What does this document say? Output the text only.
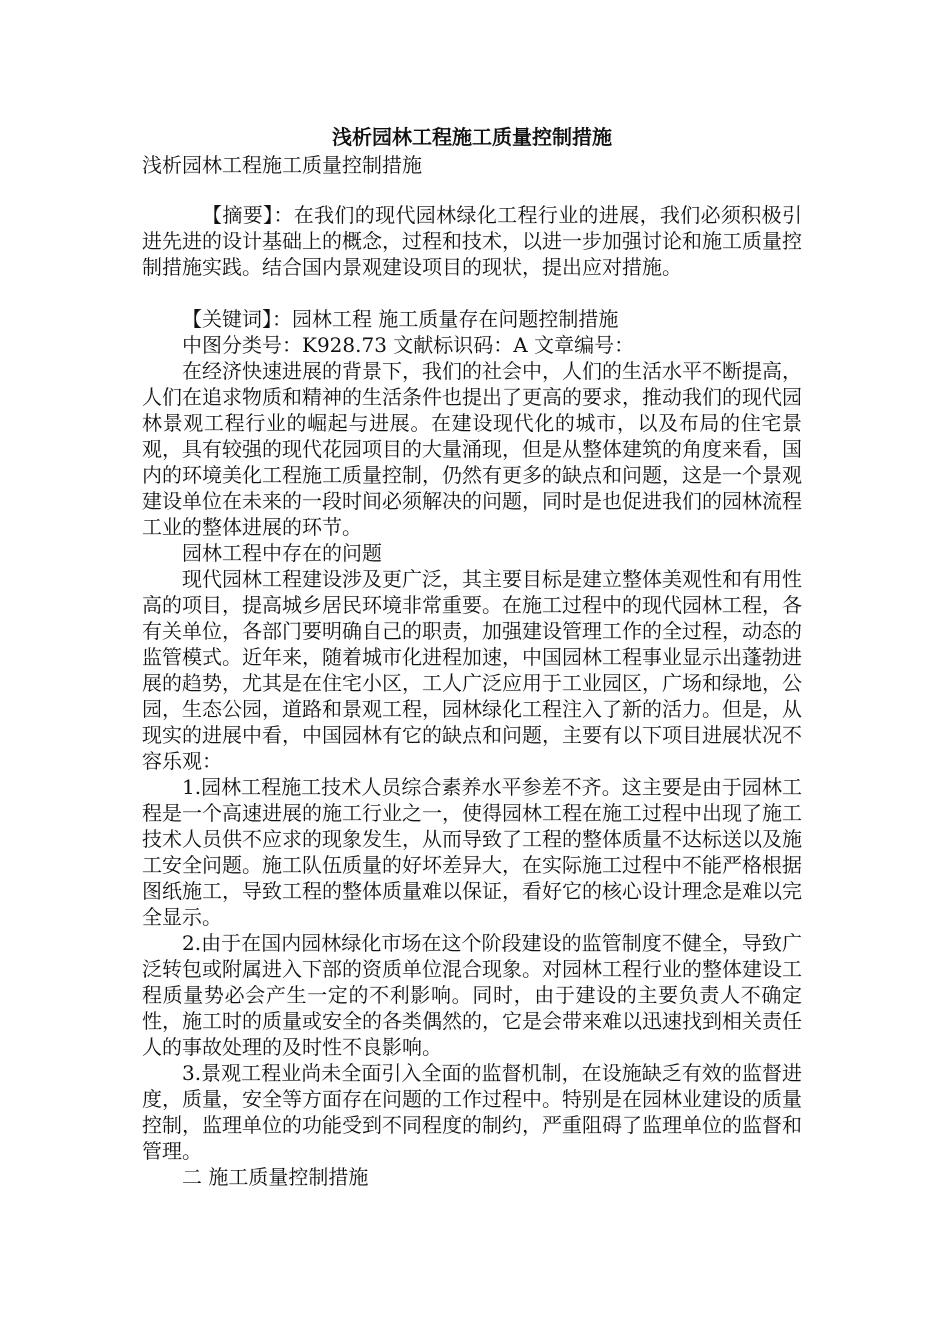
浅析园林工程施工质量控制措施

浅析园林工程施工质量控制措施

【摘要】：在我们的现代园林绿化工程行业的进展，我们必须积极引进先进的设计基础上的概念，过程和技术，以进一步加强讨论和施工质量控制措施实践。结合国内景观建设项目的现状，提出应对措施。

【关键词】：园林工程 施工质量存在问题控制措施

中图分类号：K928.73 文献标识码：A 文章编号：

在经济快速进展的背景下，我们的社会中，人们的生活水平不断提高，人们在追求物质和精神的生活条件也提出了更高的要求，推动我们的现代园林景观工程行业的崛起与进展。在建设现代化的城市，以及布局的住宅景观，具有较强的现代花园项目的大量涌现，但是从整体建筑的角度来看，国内的环境美化工程施工质量控制，仍然有更多的缺点和问题，这是一个景观建设单位在未来的一段时间必须解决的问题，同时是也促进我们的园林流程工业的整体进展的环节。

园林工程中存在的问题

现代园林工程建设涉及更广泛，其主要目标是建立整体美观性和有用性高的项目，提高城乡居民环境非常重要。在施工过程中的现代园林工程，各有关单位，各部门要明确自己的职责，加强建设管理工作的全过程，动态的监管模式。近年来，随着城市化进程加速，中国园林工程事业显示出蓬勃进展的趋势，尤其是在住宅小区，工人广泛应用于工业园区，广场和绿地，公园，生态公园，道路和景观工程，园林绿化工程注入了新的活力。但是，从现实的进展中看，中国园林有它的缺点和问题，主要有以下项目进展状况不容乐观：

1.园林工程施工技术人员综合素养水平参差不齐。这主要是由于园林工程是一个高速进展的施工行业之一，使得园林工程在施工过程中出现了施工技术人员供不应求的现象发生，从而导致了工程的整体质量不达标送以及施工安全问题。施工队伍质量的好坏差异大，在实际施工过程中不能严格根据图纸施工，导致工程的整体质量难以保证，看好它的核心设计理念是难以完全显示。

2.由于在国内园林绿化市场在这个阶段建设的监管制度不健全，导致广泛转包或附属进入下部的资质单位混合现象。对园林工程行业的整体建设工程质量势必会产生一定的不利影响。同时，由于建设的主要负责人不确定性，施工时的质量或安全的各类偶然的，它是会带来难以迅速找到相关责任人的事故处理的及时性不良影响。

3.景观工程业尚未全面引入全面的监督机制，在设施缺乏有效的监督进度，质量，安全等方面存在问题的工作过程中。特别是在园林业建设的质量控制，监理单位的功能受到不同程度的制约，严重阻碍了监理单位的监督和管理。

二 施工质量控制措施
